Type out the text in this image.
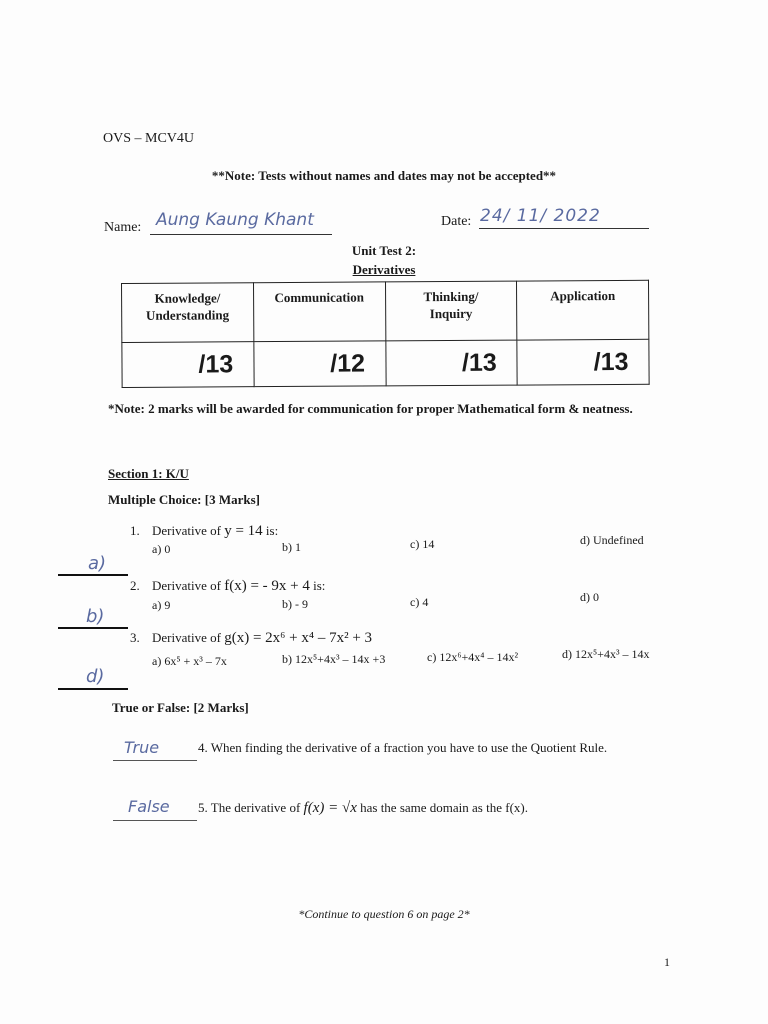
OVS – MCV4U
**Note: Tests without names and dates may not be accepted**
Name: Aung Kaung Khant	Date: 24/ 11/ 2022
Unit Test 2:
Derivatives
Knowledge/ Understanding	Communication	Thinking/ Inquiry	Application
/13	/12	/13	/13
*Note: 2 marks will be awarded for communication for proper Mathematical form & neatness.
Section 1: K/U
Multiple Choice: [3 Marks]
a)
1. Derivative of y = 14 is:
a) 0	b) 1	c) 14	d) Undefined
b)
2. Derivative of f(x) = - 9x + 4 is:
a) 9	b) - 9	c) 4	d) 0
d)
3. Derivative of g(x) = 2x⁶ + x⁴ – 7x² + 3
a) 6x⁵ + x³ – 7x	b) 12x⁵+4x³ – 14x +3	c) 12x⁶+4x⁴ – 14x²	d) 12x⁵+4x³ – 14x
True or False: [2 Marks]
True	4. When finding the derivative of a fraction you have to use the Quotient Rule.
False 5. The derivative of f(x) = √x has the same domain as the f(x).
*Continue to question 6 on page 2*
1
